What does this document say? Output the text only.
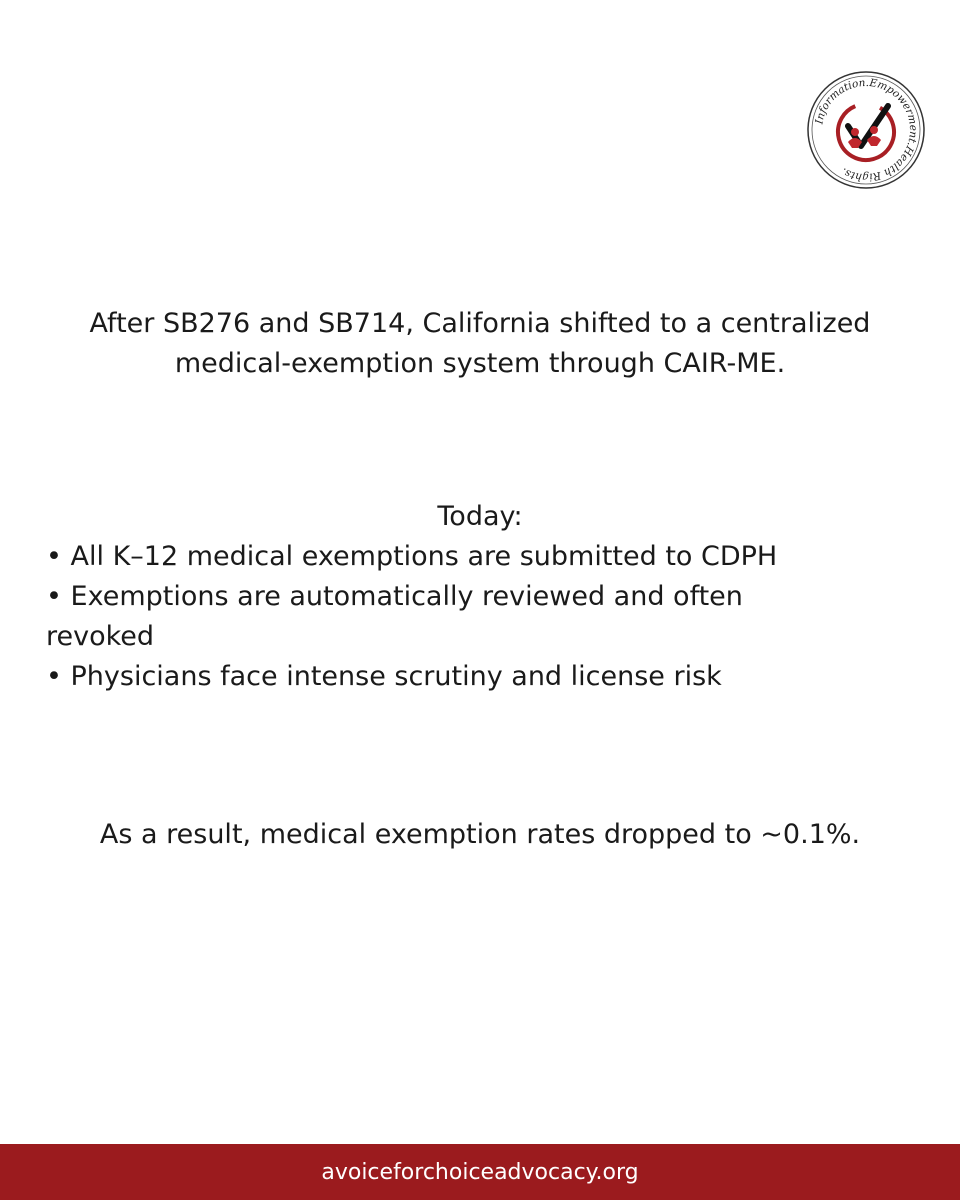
Information.Empowerment.Health Rights.

After SB276 and SB714, California shifted to a centralized medical-exemption system through CAIR-ME.

Today:

• All K–12 medical exemptions are submitted to CDPH
• Exemptions are automatically reviewed and often revoked
• Physicians face intense scrutiny and license risk

As a result, medical exemption rates dropped to ~0.1%.

avoiceforchoiceadvocacy.org
